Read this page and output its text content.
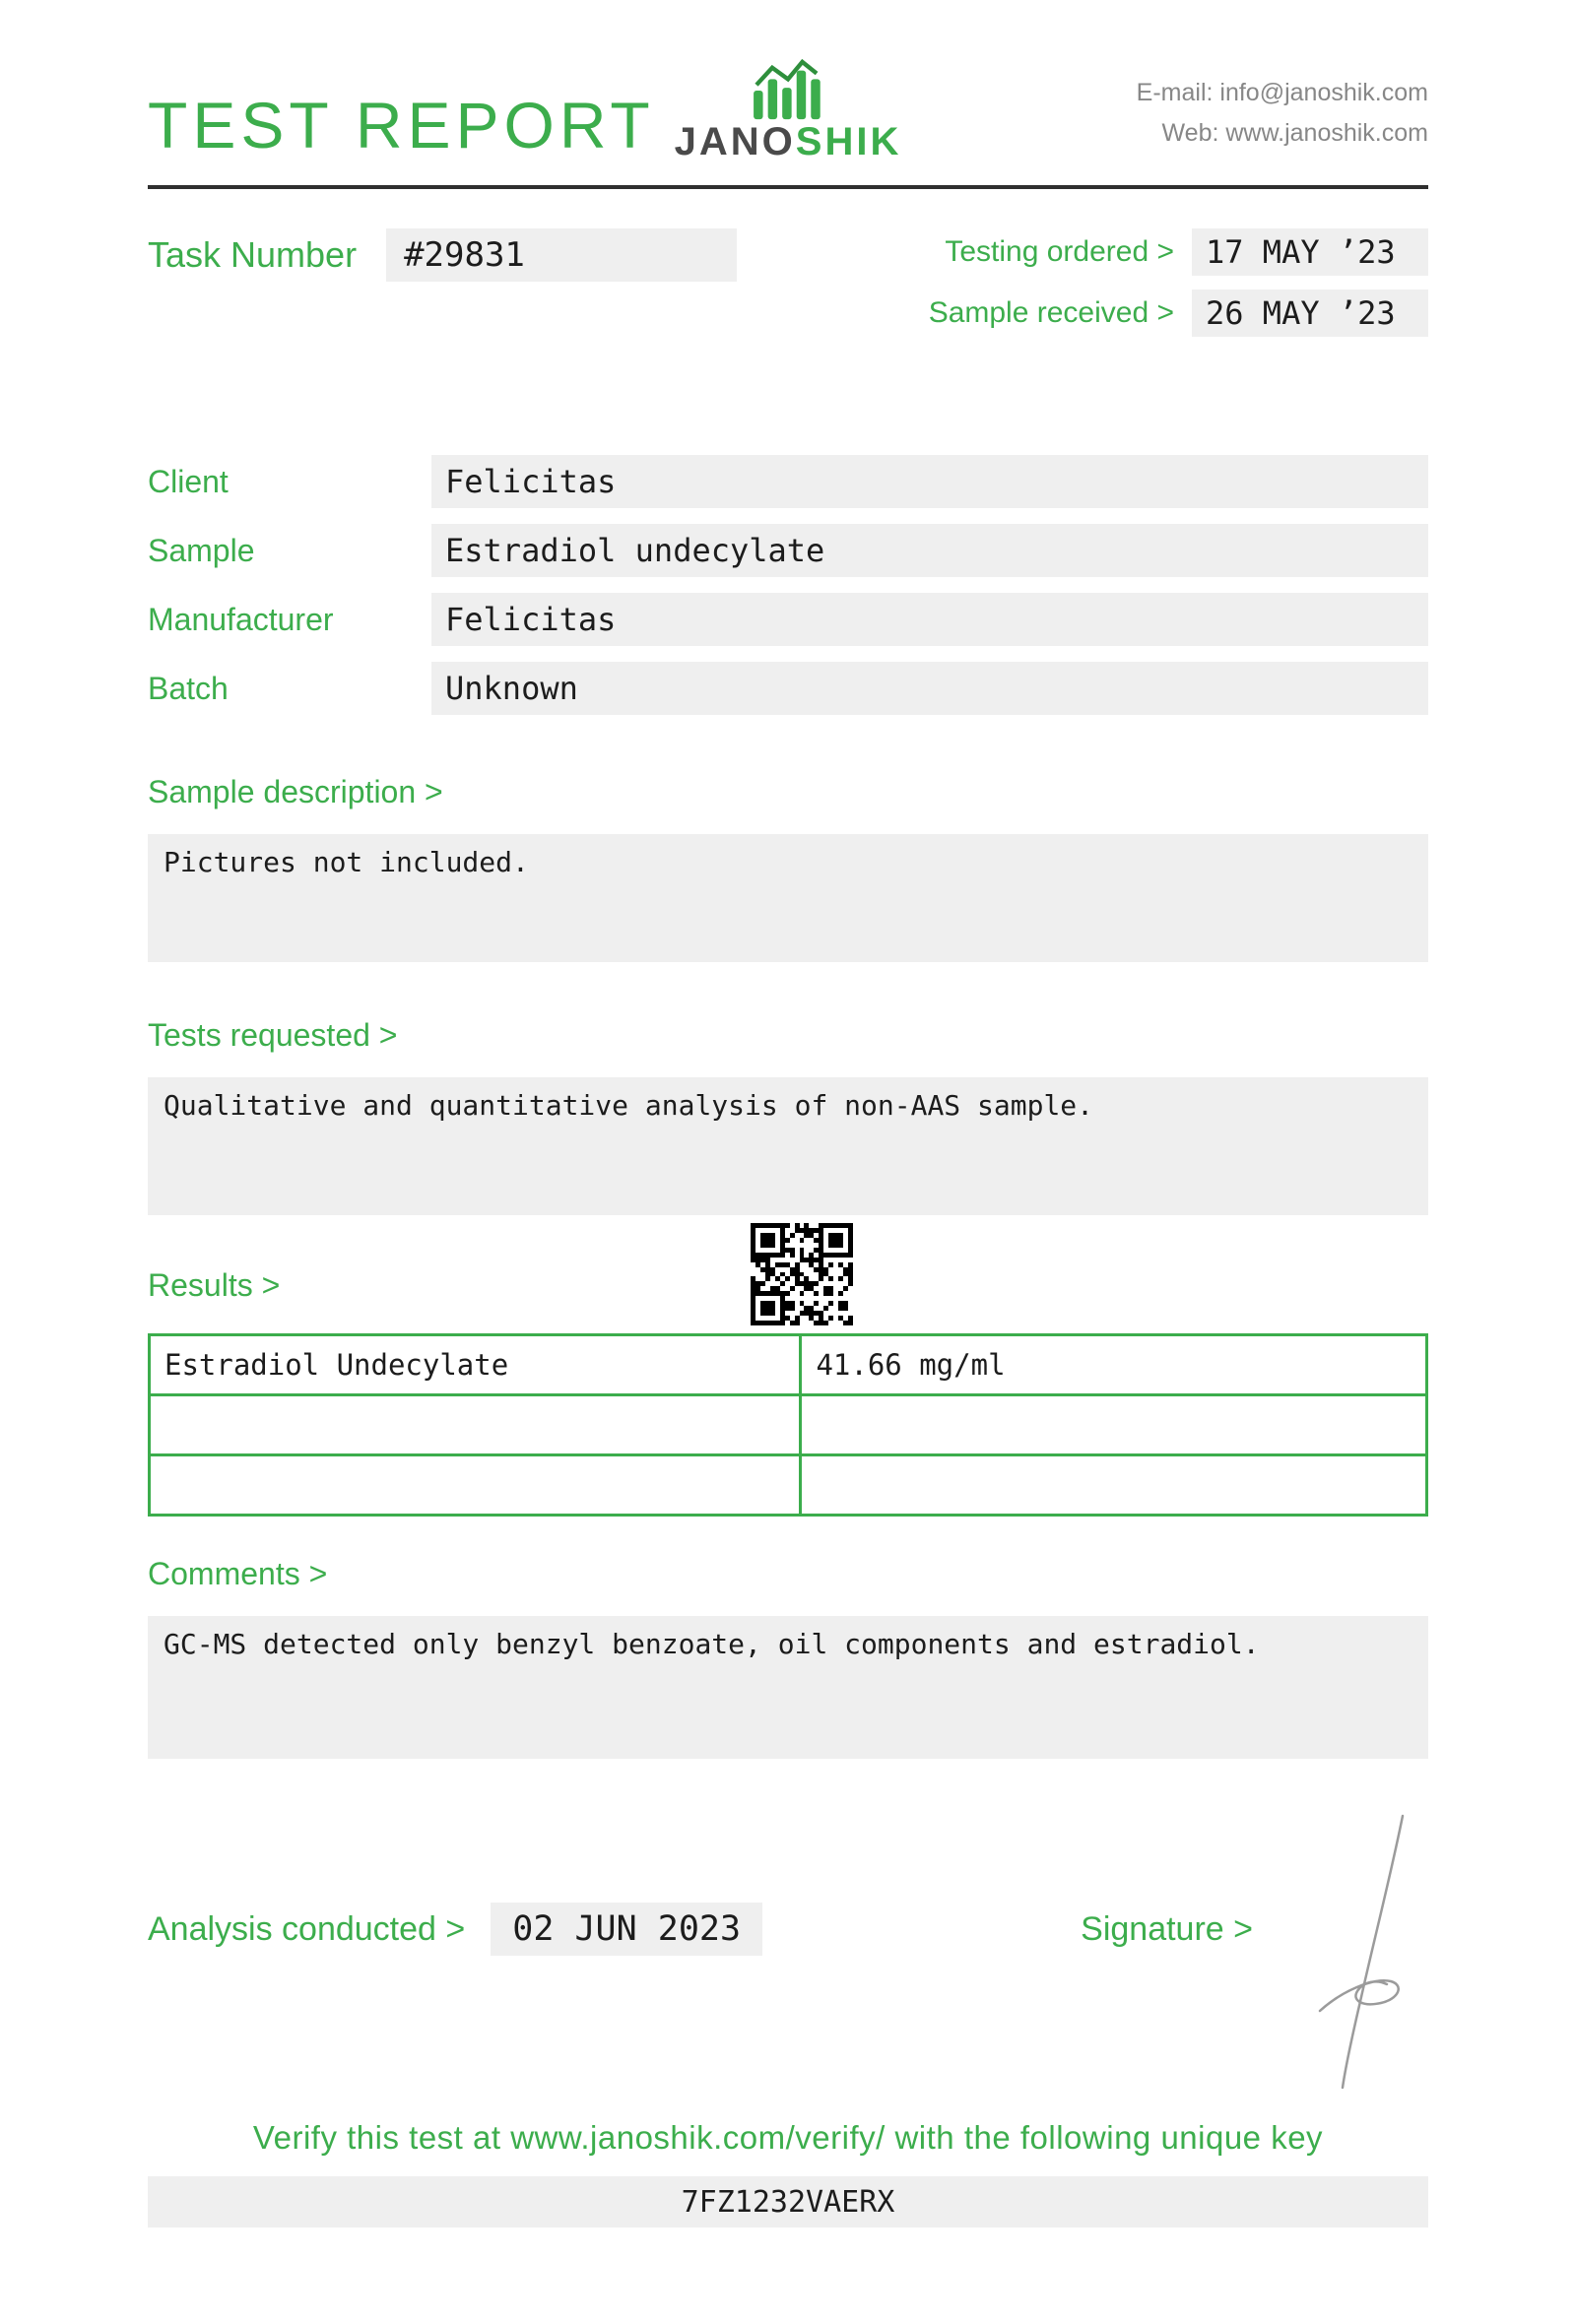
TEST REPORT JANOSHIK
E-mail: info@janoshik.com
Web: www.janoshik.com
Task Number	#29831	Testing ordered >	17 MAY ’23
Sample received >	26 MAY ’23
Client	Felicitas
Sample	Estradiol undecylate
Manufacturer	Felicitas
Batch	Unknown
Sample description >
Pictures not included.
Tests requested >
Qualitative and quantitative analysis of non-AAS sample.
Results >
Estradiol Undecylate	41.66 mg/ml

Comments >
GC-MS detected only benzyl benzoate, oil components and estradiol.
Analysis conducted >	02 JUN 2023	Signature >
Verify this test at www.janoshik.com/verify/ with the following unique key
7FZ1232VAERX
